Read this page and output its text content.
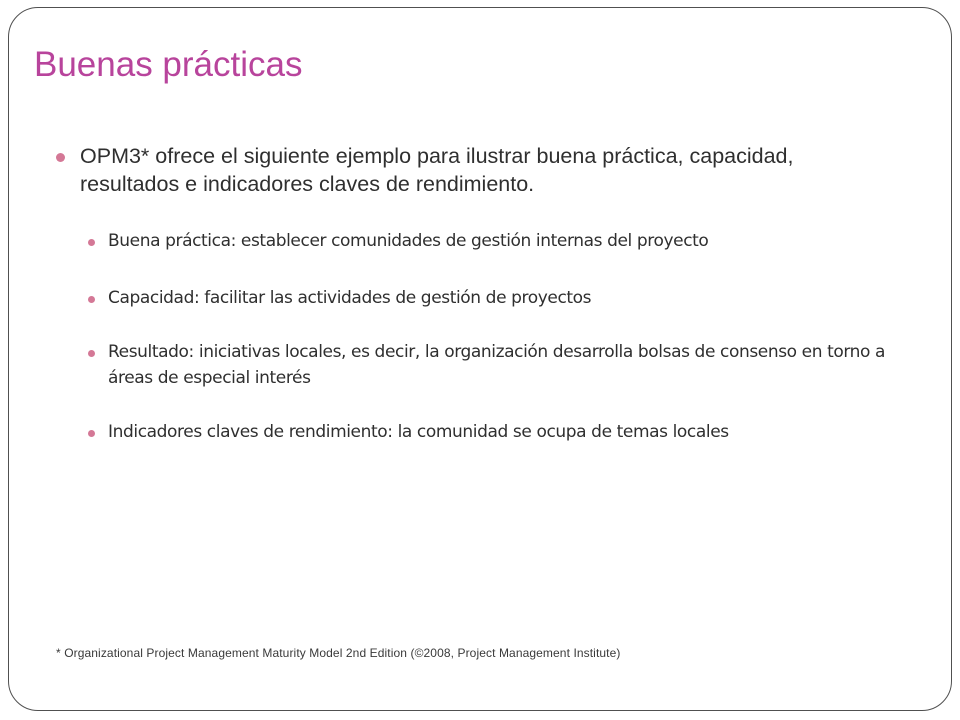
Buenas prácticas
OPM3* ofrece el siguiente ejemplo para ilustrar buena práctica, capacidad, resultados e indicadores claves de rendimiento.
Buena práctica: establecer comunidades de gestión internas del proyecto
Capacidad: facilitar las actividades de gestión de proyectos
Resultado: iniciativas locales, es decir, la organización desarrolla bolsas de consenso en torno a áreas de especial interés
Indicadores claves de rendimiento: la comunidad se ocupa de temas locales
* Organizational Project Management Maturity Model 2nd Edition (©2008, Project Management Institute)
